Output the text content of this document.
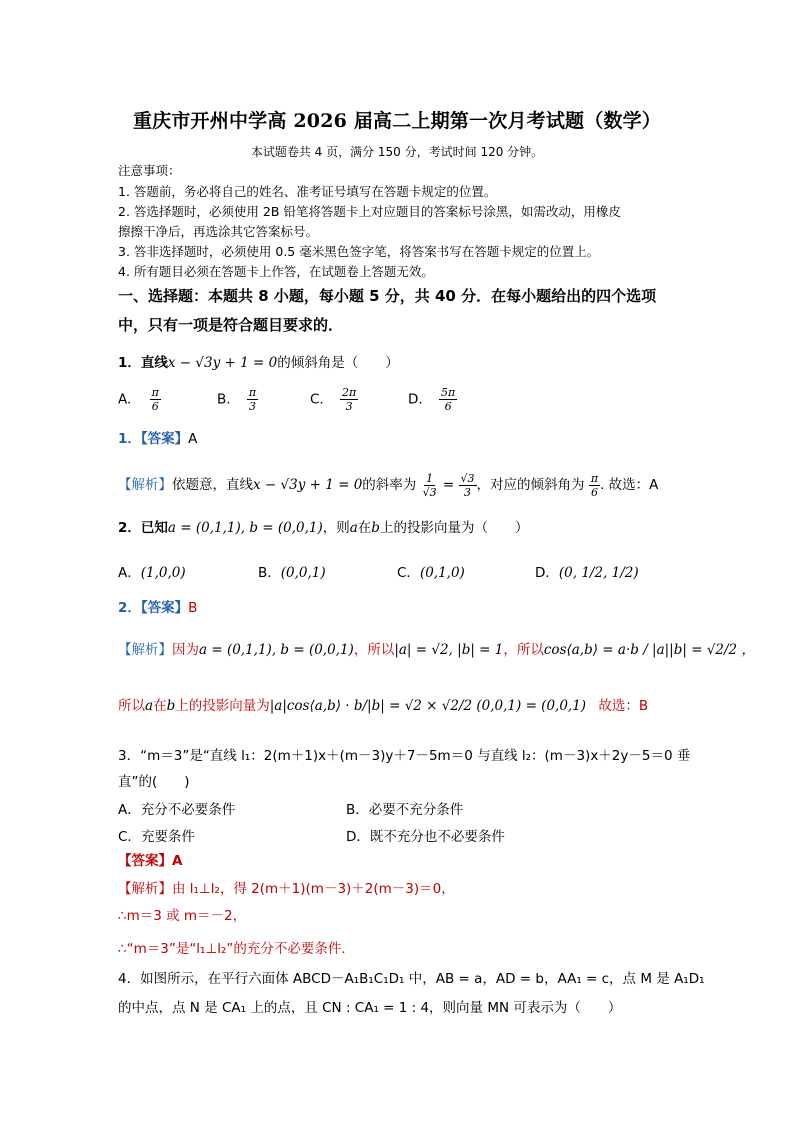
重庆市开州中学高 2026 届高二上期第一次月考试题（数学）
本试题卷共 4 页，满分 150 分，考试时间 120 分钟。
注意事项：
1. 答题前，务必将自己的姓名、准考证号填写在答题卡规定的位置。
2. 答选择题时，必须使用 2B 铅笔将答题卡上对应题目的答案标号涂黑，如需改动，用橡皮
擦擦干净后，再选涂其它答案标号。
3. 答非选择题时，必须使用 0.5 毫米黑色签字笔，将答案书写在答题卡规定的位置上。
4. 所有题目必须在答题卡上作答，在试题卷上答题无效。
一、选择题：本题共 8 小题，每小题 5 分，共 40 分．在每小题给出的四个选项
中，只有一项是符合题目要求的．
1．直线x − √3y + 1 = 0的倾斜角是（　　）
A. $\frac{\pi}{6}$	B. $\frac{\pi}{3}$	C. $\frac{2\pi}{3}$	D. $\frac{5\pi}{6}$
1．【答案】A
【解析】依题意，直线x − √3y + 1 = 0的斜率为 $\frac{1}{√3} = \frac{√3}{3}$ ，对应的倾斜角为 $\frac{\pi}{6}$ . 故选：A
2．已知a = (0,1,1), b = (0,0,1)，则a在b上的投影向量为（　　）
A．(1,0,0)	B．(0,0,1)	C．(0,1,0)	D．(0, 1/2, 1/2)
2．【答案】B
【解析】因为a = (0,1,1), b = (0,0,1)，所以|a| = √2, |b| = 1，所以cos⟨a,b⟩ = a·b / |a||b| = √2/2 ，
所以a在b上的投影向量为|a|cos⟨a,b⟩ · b/|b| = √2 × √2/2 (0,0,1) = (0,0,1) 故选：B
3．“m＝3”是“直线 l₁：2(m＋1)x＋(m－3)y＋7－5m＝0 与直线 l₂：(m－3)x＋2y－5＝0 垂
直”的(　　)
A．充分不必要条件	B．必要不充分条件
C．充要条件	D．既不充分也不必要条件
【答案】A
【解析】由 l₁⊥l₂，得 2(m＋1)(m－3)＋2(m－3)＝0，
∴m＝3 或 m＝－2，
∴“m＝3”是“l₁⊥l₂”的充分不必要条件．
4．如图所示，在平行六面体 ABCD－A₁B₁C₁D₁ 中，AB = a，AD = b，AA₁ = c，点 M 是 A₁D₁
的中点，点 N 是 CA₁ 上的点，且 CN : CA₁ = 1 : 4，则向量 MN 可表示为（　　）
